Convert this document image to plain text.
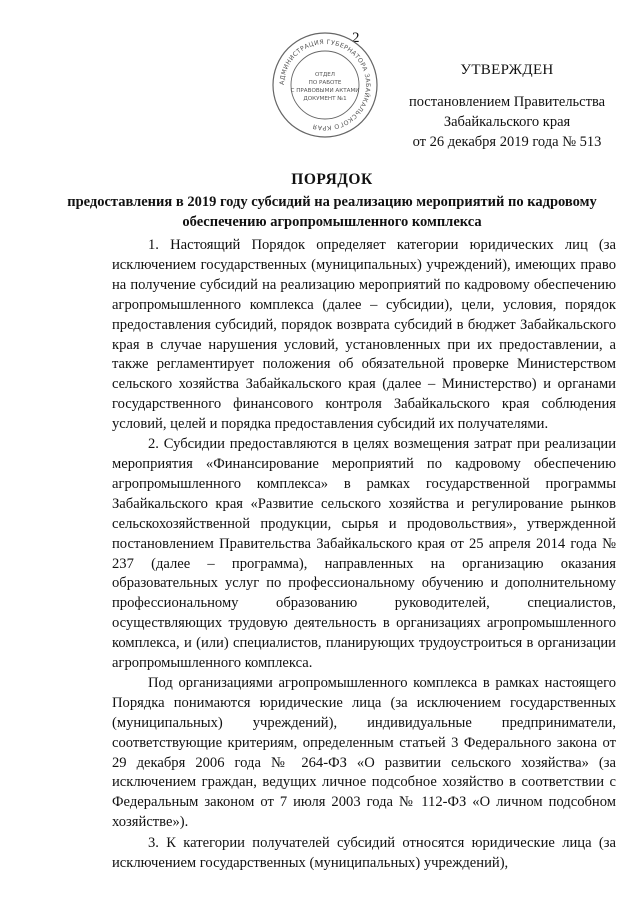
2
АДМИНИСТРАЦИЯ ГУБЕРНАТОРА ЗАБАЙКАЛЬСКОГО КРАЯ
ОТДЕЛ
ПО РАБОТЕ
С ПРАВОВЫМИ АКТАМИ
ДОКУМЕНТ №1
УТВЕРЖДЕН
постановлением Правительства
Забайкальского края
от 26 декабря 2019 года № 513
ПОРЯДОК
предоставления в 2019 году субсидий на реализацию мероприятий по кадровому обеспечению агропромышленного комплекса

1. Настоящий Порядок определяет категории юридических лиц (за исключением государственных (муниципальных) учреждений), имеющих право на получение субсидий на реализацию мероприятий по кадровому обеспечению агропромышленного комплекса (далее – субсидии), цели, условия, порядок предоставления субсидий, порядок возврата субсидий в бюджет Забайкальского края в случае нарушения условий, установленных при их предоставлении, а также регламентирует положения об обязательной проверке Министерством сельского хозяйства Забайкальского края (далее – Министерство) и органами государственного финансового контроля Забайкальского края соблюдения условий, целей и порядка предоставления субсидий их получателями.

2. Субсидии предоставляются в целях возмещения затрат при реализации мероприятия «Финансирование мероприятий по кадровому обеспечению агропромышленного комплекса» в рамках государственной программы Забайкальского края «Развитие сельского хозяйства и регулирование рынков сельскохозяйственной продукции, сырья и продовольствия», утвержденной постановлением Правительства Забайкальского края от 25 апреля 2014 года № 237 (далее – программа), направленных на организацию оказания образовательных услуг по профессиональному обучению и дополнительному профессиональному образованию руководителей, специалистов, осуществляющих трудовую деятельность в организациях агропромышленного комплекса, и (или) специалистов, планирующих трудоустроиться в организации агропромышленного комплекса.

Под организациями агропромышленного комплекса в рамках настоящего Порядка понимаются юридические лица (за исключением государственных (муниципальных) учреждений), индивидуальные предприниматели, соответствующие критериям, определенным статьей 3 Федерального закона от 29 декабря 2006 года № 264-ФЗ «О развитии сельского хозяйства» (за исключением граждан, ведущих личное подсобное хозяйство в соответствии с Федеральным законом от 7 июля 2003 года № 112-ФЗ «О личном подсобном хозяйстве»).

3. К категории получателей субсидий относятся юридические лица (за исключением государственных (муниципальных) учреждений),
